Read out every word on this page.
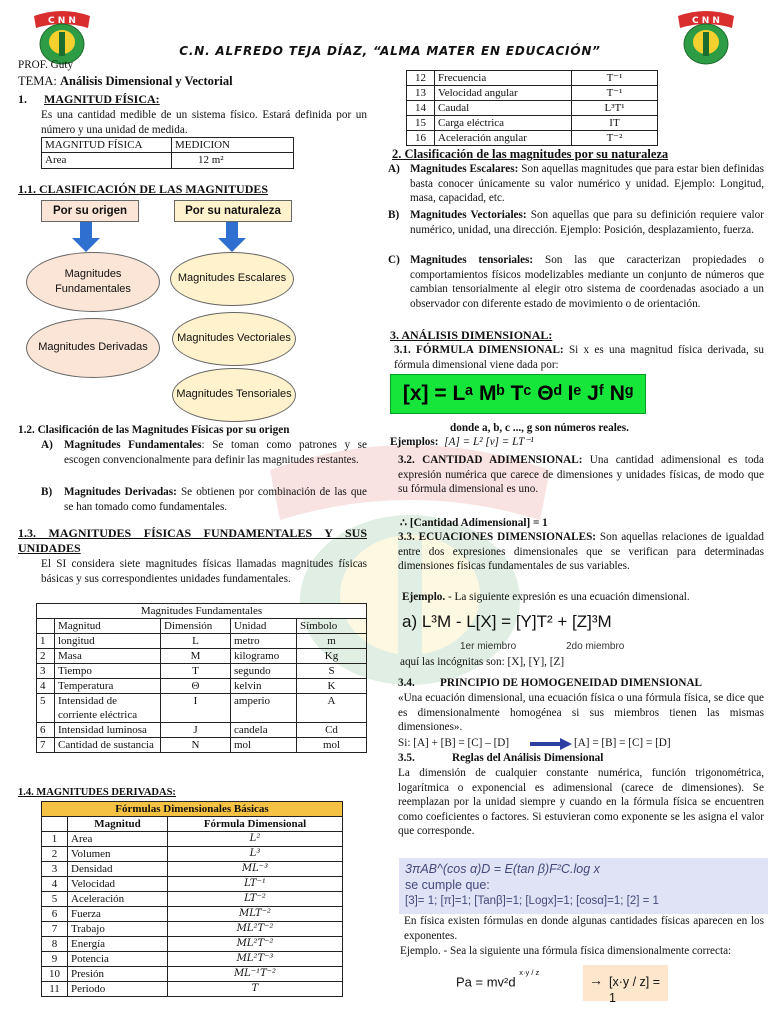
C N N	C N N
C.N. ALFREDO TEJA DÍAZ, “ALMA MATER EN EDUCACIÓN”
PROF. Guty
TEMA: Análisis Dimensional y Vectorial
1. MAGNITUD FÍSICA:
Es una cantidad medible de un sistema físico. Estará definida por un número y una unidad de medida.
MAGNITUD FÍSICA	MEDICION
Area	12 m²
1.1. CLASIFICACIÓN DE LAS MAGNITUDES
Por su origen	Por su naturaleza
Magnitudes Fundamentales
Magnitudes Derivadas
Magnitudes Escalares
Magnitudes Vectoriales
Magnitudes Tensoriales
1.2. Clasificación de las Magnitudes Físicas por su origen
A) Magnitudes Fundamentales: Se toman como patrones y se escogen convencionalmente para definir las magnitudes restantes.
B) Magnitudes Derivadas: Se obtienen por combinación de las que se han tomado como fundamentales.
1.3. MAGNITUDES FÍSICAS FUNDAMENTALES Y SUS UNIDADES
El SI considera siete magnitudes físicas llamadas magnitudes físicas básicas y sus correspondientes unidades fundamentales.
Magnitudes Fundamentales				
	Magnitud	Dimensión	Unidad	Símbolo
1	longitud	L	metro	m
2	Masa	M	kilogramo	Kg
3	Tiempo	T	segundo	S
4	Temperatura	Θ	kelvin	K
5	Intensidad de corriente eléctrica	I	amperio	A
6	Intensidad luminosa	J	candela	Cd
7	Cantidad de sustancia	N	mol	mol
1.4. MAGNITUDES DERIVADAS:
Fórmulas Dimensionales Básicas		
	Magnitud	Fórmula Dimensional
1	Area	L²
2	Volumen	L³
3	Densidad	ML⁻³
4	Velocidad	LT⁻¹
5	Aceleración	LT⁻²
6	Fuerza	MLT⁻²
7	Trabajo	ML²T⁻²
8	Energía	ML²T⁻²
9	Potencia	ML²T⁻³
10	Presión	ML⁻¹T⁻²
11	Periodo	T
12	Frecuencia	T⁻¹
13	Velocidad angular	T⁻¹
14	Caudal	L³T¹
15	Carga eléctrica	IT
16	Aceleración angular	T⁻²
2. Clasificación de las magnitudes por su naturaleza
A) Magnitudes Escalares: Son aquellas magnitudes que para estar bien definidas basta conocer únicamente su valor numérico y unidad. Ejemplo: Longitud, masa, capacidad, etc.
B) Magnitudes Vectoriales: Son aquellas que para su definición requiere valor numérico, unidad, una dirección. Ejemplo: Posición, desplazamiento, fuerza.
C) Magnitudes tensoriales: Son las que caracterizan propiedades o comportamientos físicos modelizables mediante un conjunto de números que cambian tensorialmente al elegir otro sistema de coordenadas asociado a un observador con diferente estado de movimiento o de orientación.
3. ANÁLISIS DIMENSIONAL:
3.1. FÓRMULA DIMENSIONAL: Si x es una magnitud física derivada, su fórmula dimensional viene dada por:
[x] = Lᵃ Mᵇ Tᶜ Θᵈ Iᵉ Jᶠ Nᵍ
donde a, b, c ..., g son números reales.
Ejemplos: [A] = L² [v] = LT⁻¹
3.2. CANTIDAD ADIMENSIONAL: Una cantidad adimensional es toda expresión numérica que carece de dimensiones y unidades físicas, de modo que su fórmula dimensional es uno.
∴ [Cantidad Adimensional] = 1
3.3. ECUACIONES DIMENSIONALES: Son aquellas relaciones de igualdad entre dos expresiones dimensionales que se verifican para determinadas dimensiones físicas fundamentales de sus variables.
Ejemplo. - La siguiente expresión es una ecuación dimensional.
a) L³M - L[X] = [Y]T² + [Z]³M
1er miembro	2do miembro
aquí las incógnitas son: [X], [Y], [Z]
3.4. PRINCIPIO DE HOMOGENEIDAD DIMENSIONAL
«Una ecuación dimensional, una ecuación física o una fórmula física, se dice que es dimensionalmente homogénea si sus miembros tienen las mismas dimensiones».
Si: [A] + [B] = [C] – [D]	[A] = [B] = [C] = [D]
3.5.	Reglas del Análisis Dimensional
La dimensión de cualquier constante numérica, función trigonométrica, logarítmica o exponencial es adimensional (carece de dimensiones). Se reemplazan por la unidad siempre y cuando en la fórmula física se encuentren como coeficientes o factores. Si estuvieran como exponente se les asigna el valor que corresponde.
3πAB^(cos α)D = E(tan β)F²C.log x
se cumple que:
[3]= 1; [π]=1; [Tanβ]=1; [Logx]=1; [cosα]=1; [2] = 1
En física existen fórmulas en donde algunas cantidades físicas aparecen en los exponentes.
Ejemplo. - Sea la siguiente una fórmula física dimensionalmente correcta:
Pa = mv²d $^{x\cdot y / z}$
→ [x·y / z] = 1
